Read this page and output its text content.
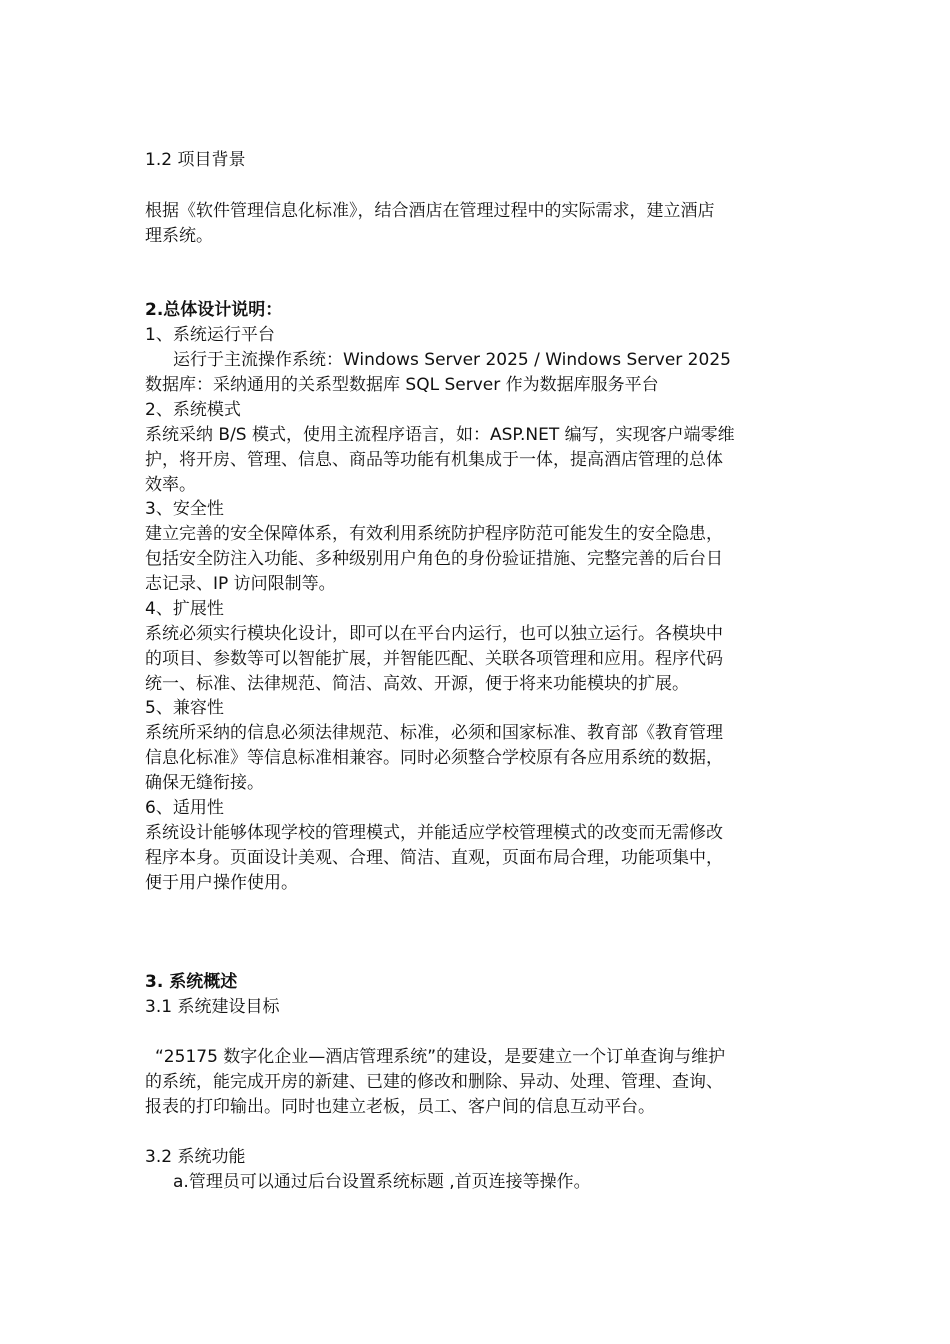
1.2 项目背景
根据《软件管理信息化标准》，结合酒店在管理过程中的实际需求，建立酒店
理系统。
2.总体设计说明：
1、系统运行平台
运行于主流操作系统：Windows Server 2025 / Windows Server 2025
数据库：采纳通用的关系型数据库 SQL Server 作为数据库服务平台
2、系统模式
系统采纳 B/S 模式，使用主流程序语言，如：ASP.NET 编写，实现客户端零维
护，将开房、管理、信息、商品等功能有机集成于一体，提高酒店管理的总体
效率。
3、安全性
建立完善的安全保障体系，有效利用系统防护程序防范可能发生的安全隐患，
包括安全防注入功能、多种级别用户角色的身份验证措施、完整完善的后台日
志记录、IP 访问限制等。
4、扩展性
系统必须实行模块化设计，即可以在平台内运行，也可以独立运行。各模块中
的项目、参数等可以智能扩展，并智能匹配、关联各项管理和应用。程序代码
统一、标准、法律规范、简洁、高效、开源，便于将来功能模块的扩展。
5、兼容性
系统所采纳的信息必须法律规范、标准，必须和国家标准、教育部《教育管理
信息化标准》等信息标准相兼容。同时必须整合学校原有各应用系统的数据，
确保无缝衔接。
6、适用性
系统设计能够体现学校的管理模式，并能适应学校管理模式的改变而无需修改
程序本身。页面设计美观、合理、简洁、直观，页面布局合理，功能项集中，
便于用户操作使用。
3. 系统概述
3.1 系统建设目标
“25175 数字化企业—酒店管理系统”的建设，是要建立一个订单查询与维护
的系统，能完成开房的新建、已建的修改和删除、异动、处理、管理、查询、
报表的打印输出。同时也建立老板，员工、客户间的信息互动平台。
3.2 系统功能
a.管理员可以通过后台设置系统标题 ,首页连接等操作。
